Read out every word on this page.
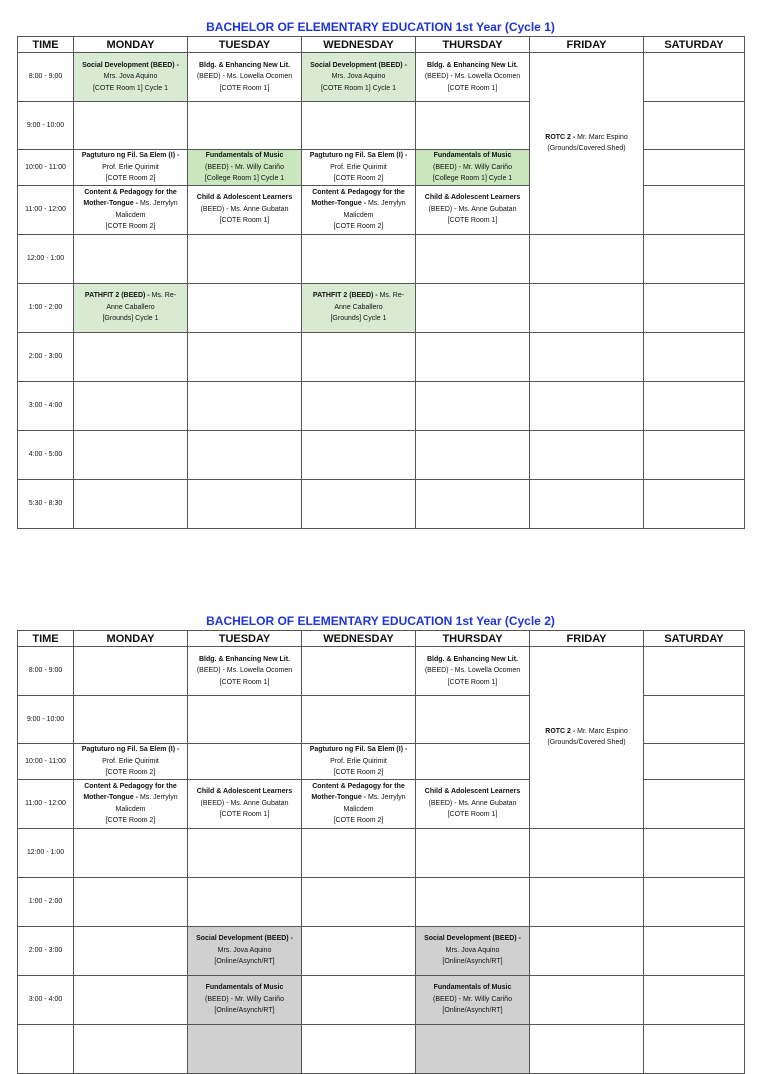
BACHELOR OF ELEMENTARY EDUCATION 1st Year (Cycle 1)
TIME	MONDAY	TUESDAY	WEDNESDAY	THURSDAY	FRIDAY	SATURDAY
8:00 - 9:00	Social Development (BEED) -
Mrs. Jova Aquino
[COTE Room 1] Cycle 1	Bldg. & Enhancing New Lit.
(BEED) - Ms. Lowella Ocomen
[COTE Room 1]	Social Development (BEED) -
Mrs. Jova Aquino
[COTE Room 1] Cycle 1	Bldg. & Enhancing New Lit.
(BEED) - Ms. Lowella Ocomen
[COTE Room 1]	ROTC 2 - Mr. Marc Espino
(Grounds/Covered Shed)	

9:00 - 10:00						
10:00 - 11:00	Pagtuturo ng Fil. Sa Elem (I) -
Prof. Erlie Quirimit
[COTE Room 2]	Fundamentals of Music
(BEED) - Mr. Willy Cariño
[College Room 1] Cycle 1	Pagtuturo ng Fil. Sa Elem (I) -
Prof. Erlie Quirimit
[COTE Room 2]	Fundamentals of Music
(BEED) - Mr. Willy Cariño
[College Room 1] Cycle 1		

11:00 - 12:00	Content & Pedagogy for the
Mother-Tongue - Ms. Jerrylyn
Malicdem
[COTE Room 2]	Child & Adolescent Learners
(BEED) - Ms. Anne Gubatan
[COTE Room 1]	Content & Pedagogy for the
Mother-Tongue - Ms. Jerrylyn
Malicdem
[COTE Room 2]	Child & Adolescent Learners
(BEED) - Ms. Anne Gubatan
[COTE Room 1]		

12:00 - 1:00						
1:00 - 2:00	PATHFIT 2 (BEED) - Ms. Re-
Anne Caballero
[Grounds] Cycle 1		PATHFIT 2 (BEED) - Ms. Re-
Anne Caballero
[Grounds] Cycle 1			

2:00 - 3:00						
3:00 - 4:00						
4:00 - 5:00						
5:30 - 8:30						
BACHELOR OF ELEMENTARY EDUCATION 1st Year (Cycle 2)
TIME	MONDAY	TUESDAY	WEDNESDAY	THURSDAY	FRIDAY	SATURDAY
8:00 - 9:00		Bldg. & Enhancing New Lit.
(BEED) - Ms. Lowella Ocomen
[COTE Room 1]		Bldg. & Enhancing New Lit.
(BEED) - Ms. Lowella Ocomen
[COTE Room 1]	ROTC 2 - Mr. Marc Espino
(Grounds/Covered Shed)	

9:00 - 10:00						
10:00 - 11:00	Pagtuturo ng Fil. Sa Elem (I) -
Prof. Erlie Quirimit
[COTE Room 2]		Pagtuturo ng Fil. Sa Elem (I) -
Prof. Erlie Quirimit
[COTE Room 2]			

11:00 - 12:00	Content & Pedagogy for the
Mother-Tongue - Ms. Jerrylyn
Malicdem
[COTE Room 2]	Child & Adolescent Learners
(BEED) - Ms. Anne Gubatan
[COTE Room 1]	Content & Pedagogy for the
Mother-Tongue - Ms. Jerrylyn
Malicdem
[COTE Room 2]	Child & Adolescent Learners
(BEED) - Ms. Anne Gubatan
[COTE Room 1]		

12:00 - 1:00						
1:00 - 2:00						
2:00 - 3:00		Social Development (BEED) -
Mrs. Jova Aquino
[Online/Asynch/RT]		Social Development (BEED) -
Mrs. Jova Aquino
[Online/Asynch/RT]		

3:00 - 4:00		Fundamentals of Music
(BEED) - Mr. Willy Cariño
[Online/Asynch/RT]		Fundamentals of Music
(BEED) - Mr. Willy Cariño
[Online/Asynch/RT]		
